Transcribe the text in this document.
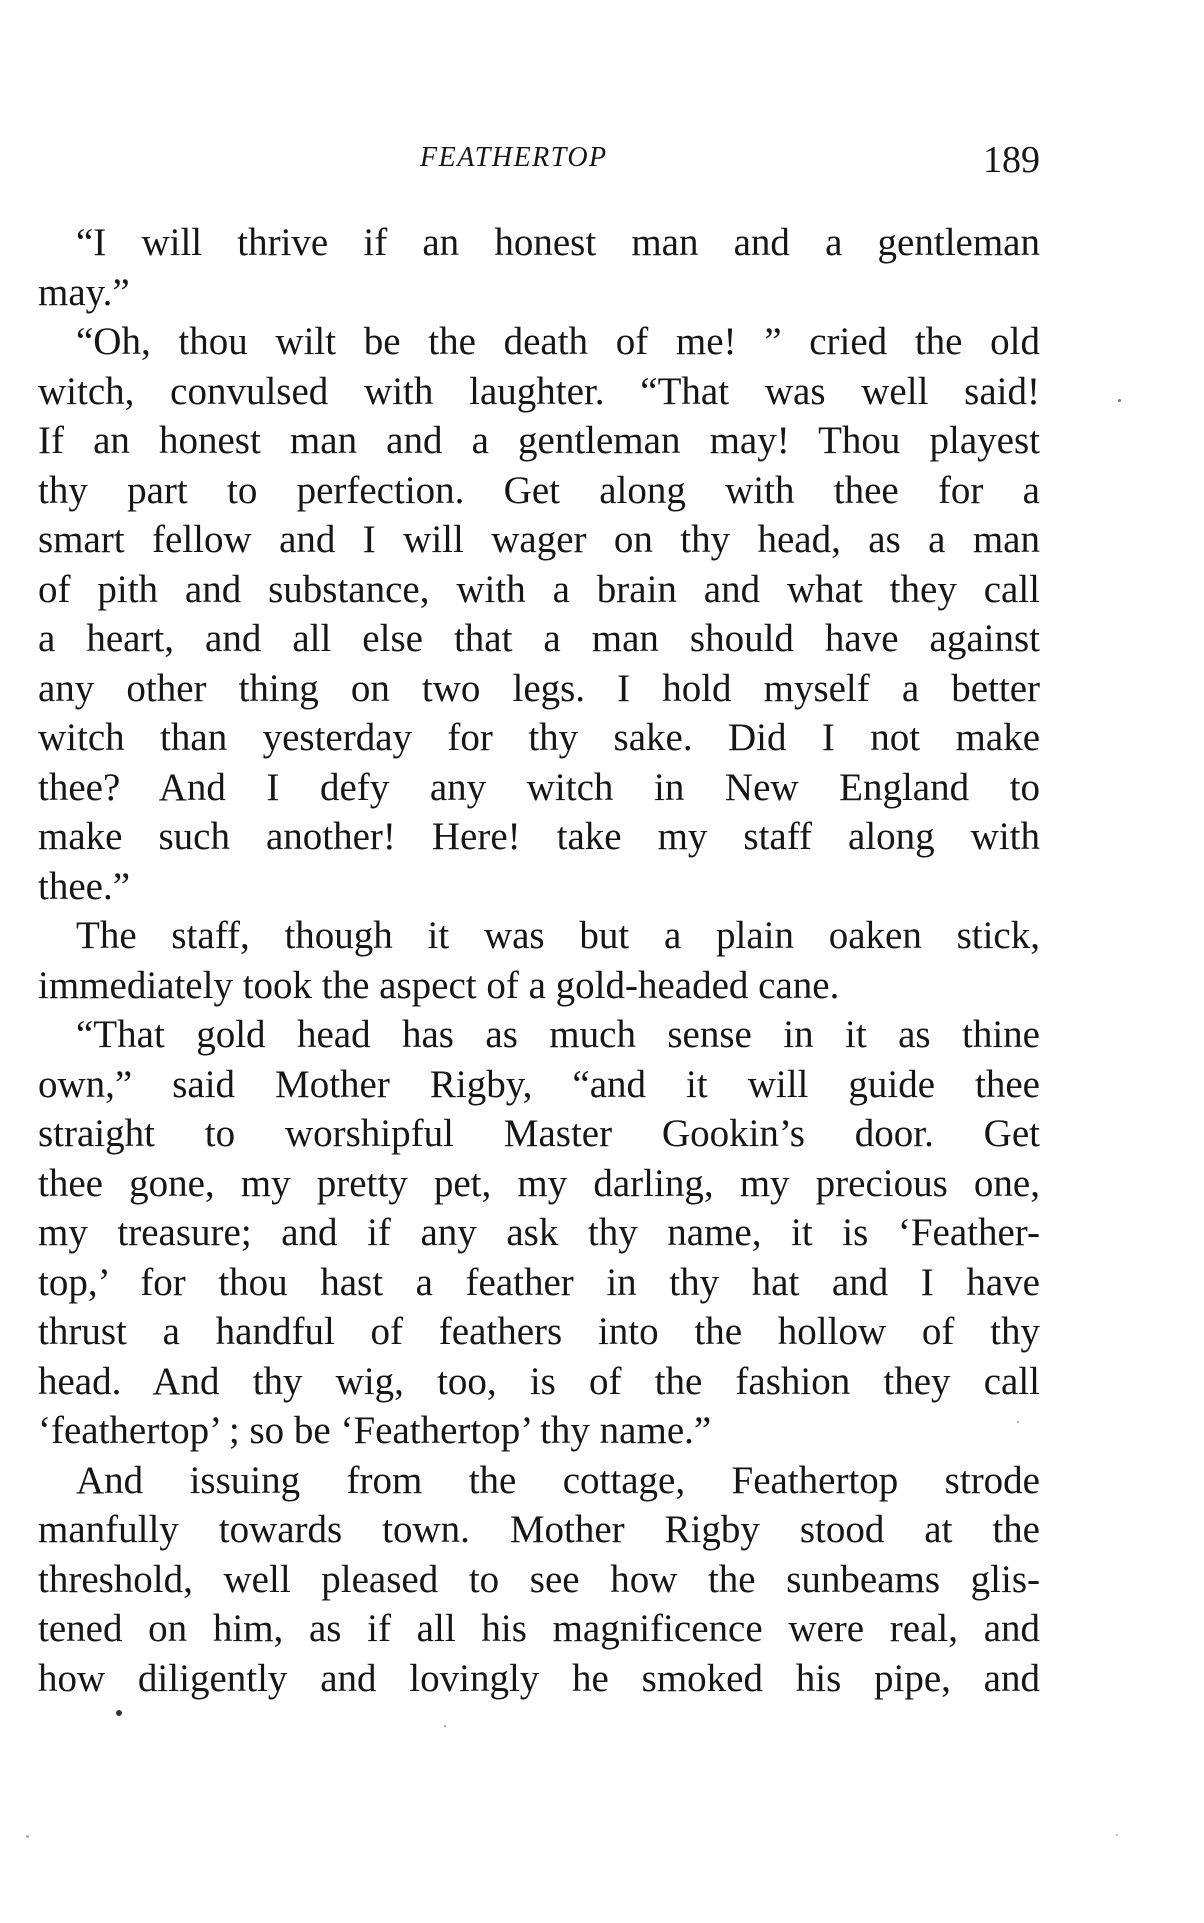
FEATHERTOP	189
“I will thrive if an honest man and a gentleman
may.”
“Oh, thou wilt be the death of me! ” cried the old
witch, convulsed with laughter. “That was well said!
If an honest man and a gentleman may! Thou playest
thy part to perfection. Get along with thee for a
smart fellow and I will wager on thy head, as a man
of pith and substance, with a brain and what they call
a heart, and all else that a man should have against
any other thing on two legs. I hold myself a better
witch than yesterday for thy sake. Did I not make
thee? And I defy any witch in New England to
make such another! Here! take my staff along with
thee.”
The staff, though it was but a plain oaken stick,
immediately took the aspect of a gold-headed cane.
“That gold head has as much sense in it as thine
own,” said Mother Rigby, “and it will guide thee
straight to worshipful Master Gookin’s door. Get
thee gone, my pretty pet, my darling, my precious one,
my treasure; and if any ask thy name, it is ‘Feather-
top,’ for thou hast a feather in thy hat and I have
thrust a handful of feathers into the hollow of thy
head. And thy wig, too, is of the fashion they call
‘feathertop’ ; so be ‘Feathertop’ thy name.”
And issuing from the cottage, Feathertop strode
manfully towards town. Mother Rigby stood at the
threshold, well pleased to see how the sunbeams glis-
tened on him, as if all his magnificence were real, and
how diligently and lovingly he smoked his pipe, and
